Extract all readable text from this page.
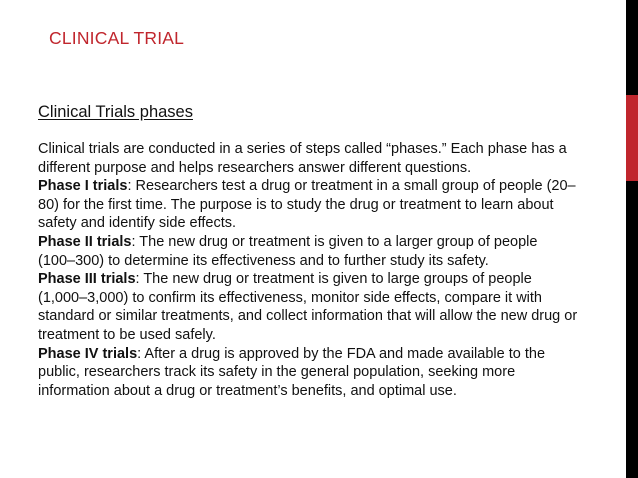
CLINICAL TRIAL
Clinical Trials phases

Clinical trials are conducted in a series of steps called “phases.” Each phase has a different purpose and helps researchers answer different questions.

Phase I trials: Researchers test a drug or treatment in a small group of people (20–80) for the first time. The purpose is to study the drug or treatment to learn about safety and identify side effects.

Phase II trials: The new drug or treatment is given to a larger group of people (100–300) to determine its effectiveness and to further study its safety.

Phase III trials: The new drug or treatment is given to large groups of people (1,000–3,000) to confirm its effectiveness, monitor side effects, compare it with standard or similar treatments, and collect information that will allow the new drug or treatment to be used safely.

Phase IV trials: After a drug is approved by the FDA and made available to the public, researchers track its safety in the general population, seeking more information about a drug or treatment’s benefits, and optimal use.
